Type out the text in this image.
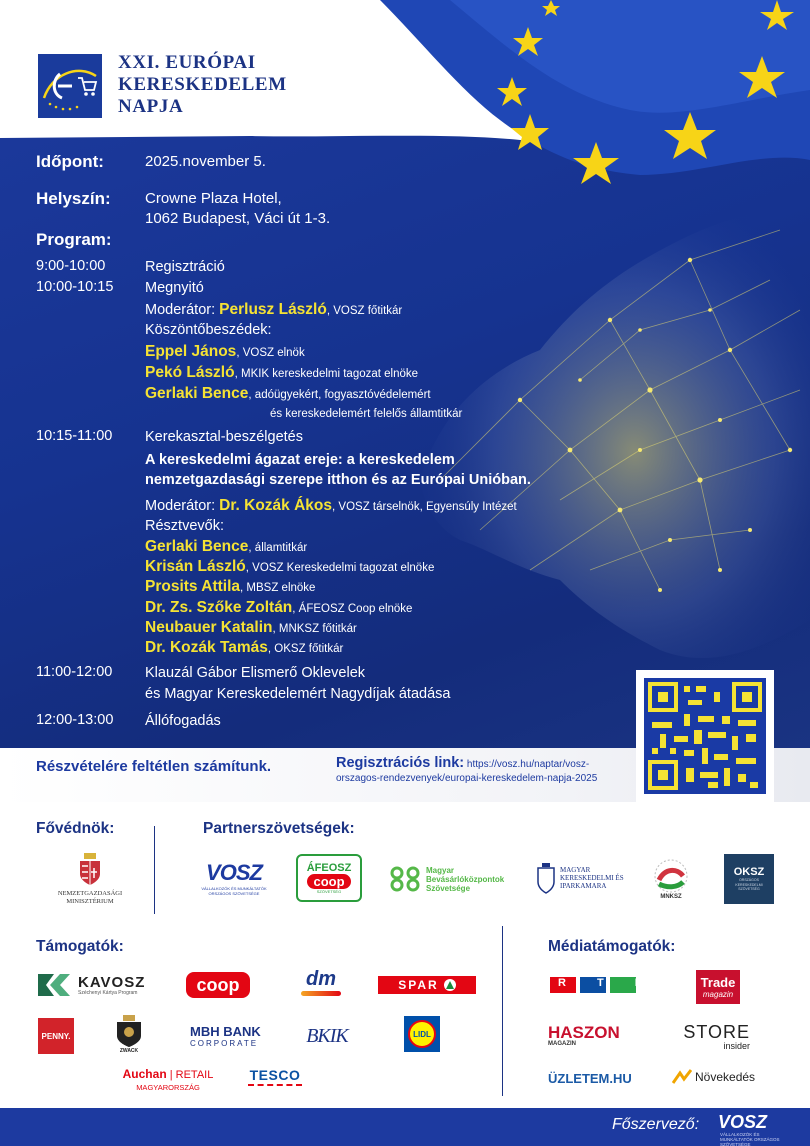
XXI. EURÓPAI
KERESKEDELEM
NAPJA
Időpont:	2025.november 5.
Helyszín: Crowne Plaza Hotel,
1062 Budapest, Váci út 1-3.
Program:
9:00-10:00	Regisztráció
10:00-10:15 Megnyitó
Moderátor: Perlusz László, VOSZ főtitkár
Köszöntőbeszédek:
Eppel János, VOSZ elnök
Pekó László, MKIK kereskedelmi tagozat elnöke
Gerlaki Bence, adóügyekért, fogyasztóvédelemért
és kereskedelemért felelős államtitkár
10:15-11:00 Kerekasztal-beszélgetés
A kereskedelmi ágazat ereje: a kereskedelem
nemzetgazdasági szerepe itthon és az Európai Unióban.
Moderátor: Dr. Kozák Ákos, VOSZ társelnök, Egyensúly Intézet
Résztvevők:
Gerlaki Bence, államtitkár
Krisán László, VOSZ Kereskedelmi tagozat elnöke
Prosits Attila, MBSZ elnöke
Dr. Zs. Szőke Zoltán, ÁFEOSZ Coop elnöke
Neubauer Katalin, MNKSZ főtitkár
Dr. Kozák Tamás, OKSZ főtitkár
11:00-12:00 Klauzál Gábor Elismerő Oklevelek
és Magyar Kereskedelemért Nagydíjak átadása
12:00-13:00 Állófogadás
Részvételére feltétlen számítunk.	Regisztrációs link: https://vosz.hu/naptar/vosz-
orszagos-rendezvenyek/europai-kereskedelem-napja-2025
Fővédnök:	Partnerszövetségek:
NEMZETGAZDASÁGI
MINISZTÉRIUM
VOSZ
VÁLLALKOZÓK ÉS MUNKÁLTATÓK ORSZÁGOS SZÖVETSÉGE
ÁFEOSZ
coop
SZÖVETSÉG
Magyar Bevásárlóközpontok Szövetsége
MAGYAR KERESKEDELMI ÉS IPARKAMARA
MNKSZ
OKSZ
ORSZÁGOS KERESKEDELMI SZÖVETSÉG
Támogatók:	Médiatámogatók:
KAVOSZ
Széchenyi Kártya Program	coop	dm	SPAR
PENNY.
ZWACK
MBH BANK
CORPORATE BKIK	LIDL
Auchan | RETAIL
MAGYARORSZÁG
TESCO
R T L	Trade
magazin
HASZON
MAGAZIN
STORE
insider
ÜZLETEM.HU	Növekedés
Főszervező: VOSZ
VÁLLALKOZÓK ÉS MUNKÁLTATÓK ORSZÁGOS SZÖVETSÉGE
